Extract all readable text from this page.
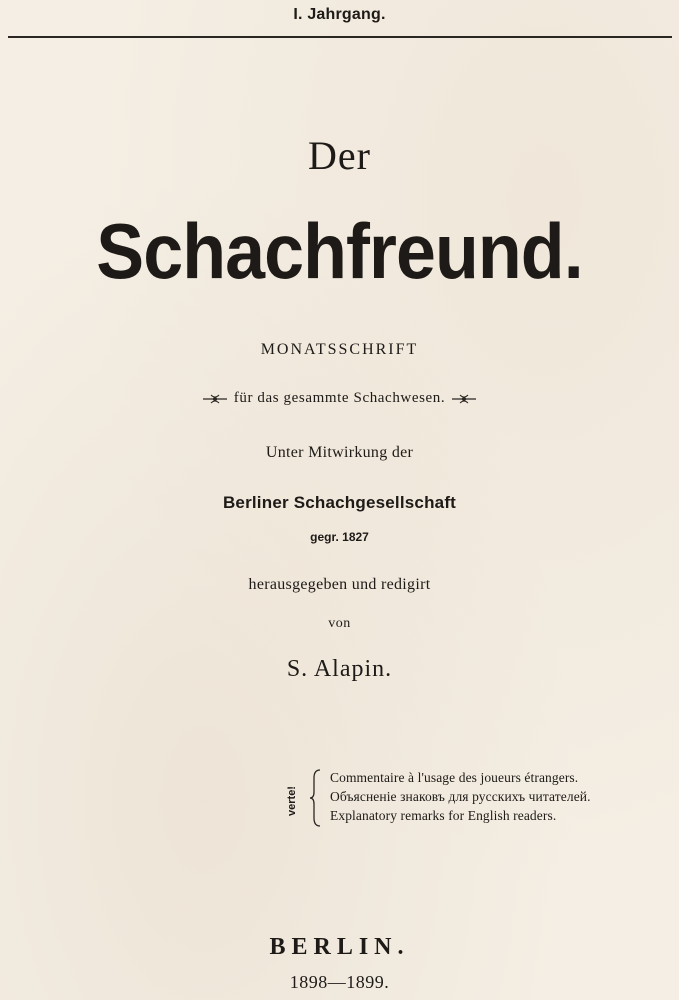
I. Jahrgang.
Der
Schachfreund.
MONATSSCHRIFT
für das gesammte Schachwesen.
Unter Mitwirkung der
Berliner Schachgesellschaft
gegr. 1827
herausgegeben und redigirt
von
S. Alapin.
verte!
Commentaire à l'usage des joueurs étrangers.
Объясненіе знаковъ для русскихъ читателей.
Explanatory remarks for English readers.
BERLIN.
1898—1899.
